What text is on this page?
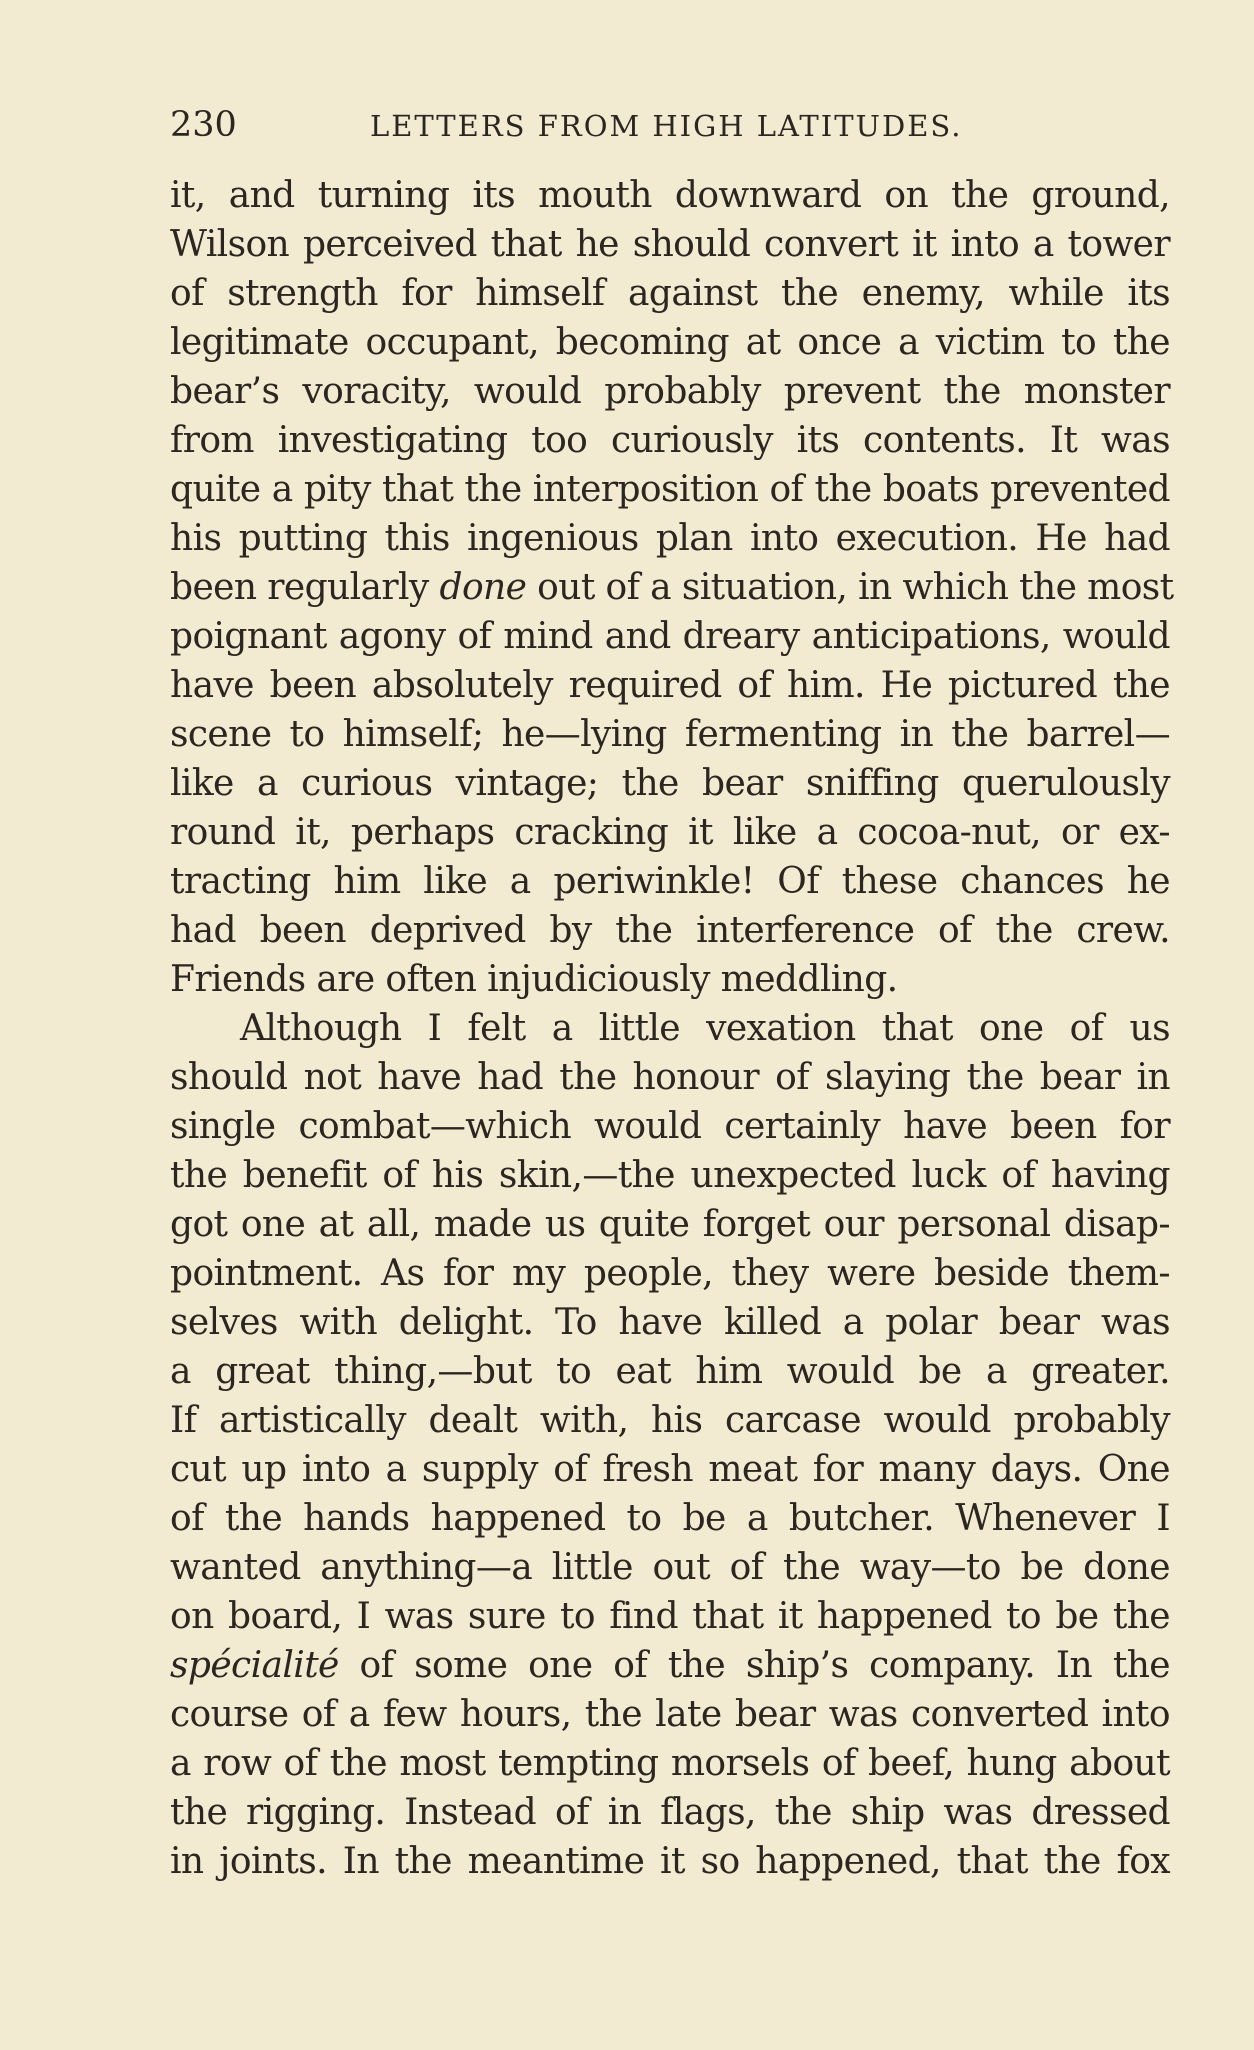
230	LETTERS FROM HIGH LATITUDES.
it, and turning its mouth downward on the ground,
Wilson perceived that he should convert it into a tower
of strength for himself against the enemy, while its
legitimate occupant, becoming at once a victim to the
bear’s voracity, would probably prevent the monster
from investigating too curiously its contents. It was
quite a pity that the interposition of the boats prevented
his putting this ingenious plan into execution. He had
been regularly done out of a situation, in which the most
poignant agony of mind and dreary anticipations, would
have been absolutely required of him. He pictured the
scene to himself; he—lying fermenting in the barrel—
like a curious vintage; the bear sniffing querulously
round it, perhaps cracking it like a cocoa-nut, or ex-
tracting him like a periwinkle! Of these chances he
had been deprived by the interference of the crew.
Friends are often injudiciously meddling.
Although I felt a little vexation that one of us
should not have had the honour of slaying the bear in
single combat—which would certainly have been for
the benefit of his skin,—the unexpected luck of having
got one at all, made us quite forget our personal disap-
pointment. As for my people, they were beside them-
selves with delight. To have killed a polar bear was
a great thing,—but to eat him would be a greater.
If artistically dealt with, his carcase would probably
cut up into a supply of fresh meat for many days. One
of the hands happened to be a butcher. Whenever I
wanted anything—a little out of the way—to be done
on board, I was sure to find that it happened to be the
spécialité of some one of the ship’s company. In the
course of a few hours, the late bear was converted into
a row of the most tempting morsels of beef, hung about
the rigging. Instead of in flags, the ship was dressed
in joints. In the meantime it so happened, that the fox
